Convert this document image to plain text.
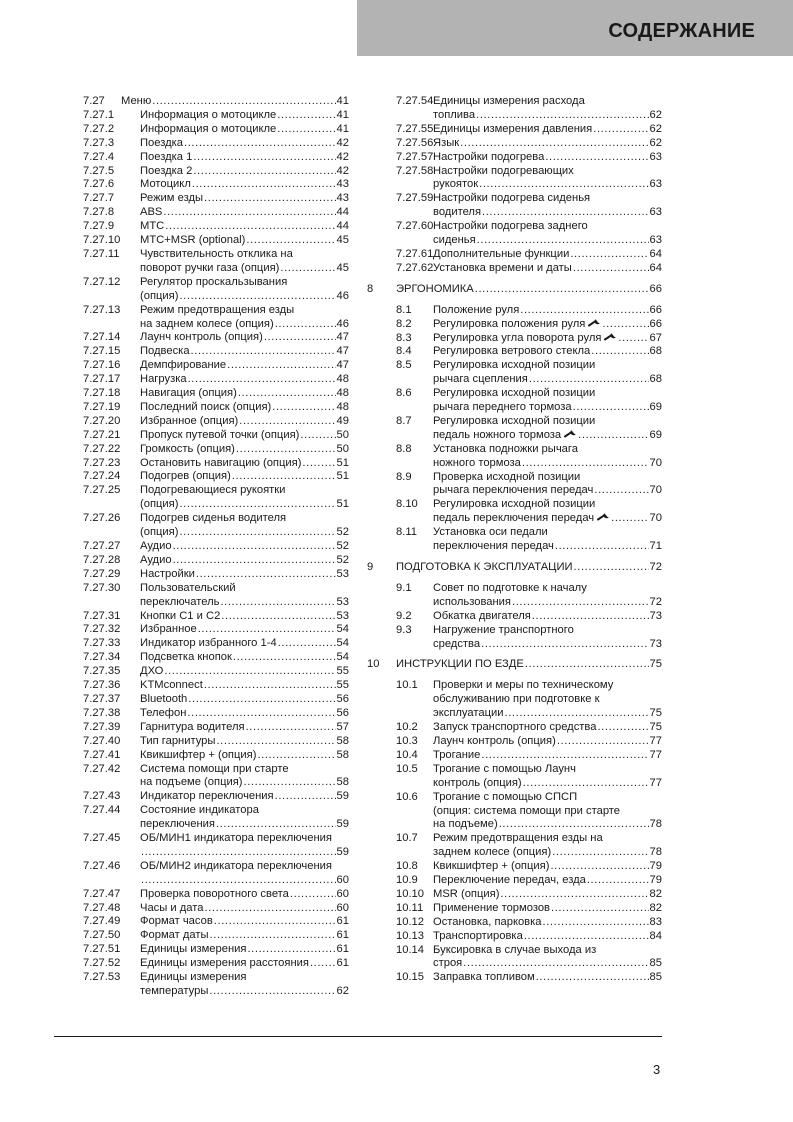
СОДЕРЖАНИЕ
7.27	Меню .....	41
7.27.1	Информация о мотоцикле .....	41
7.27.2	Информация о мотоцикле .....	41
7.27.3	Поездка .....	42
7.27.4	Поездка 1 .....	42
7.27.5	Поездка 2 .....	42
7.27.6	Мотоцикл .....	43
7.27.7	Режим езды .....	43
7.27.8	ABS .....	44
7.27.9	MTC .....	44
7.27.10	MTC+MSR (optional) .....	45
7.27.11	Чувствительность отклика на
поворот ручки газа (опция) .....	45
7.27.12	Регулятор проскальзывания
(опция) .....	46
7.27.13	Режим предотвращения езды
на заднем колесе (опция) .....	46
7.27.14	Лаунч контроль (опция) .....	47
7.27.15	Подвеска .....	47
7.27.16	Демпфирование .....	47
7.27.17	Нагрузка .....	48
7.27.18	Навигация (опция) .....	48
7.27.19	Последний поиск (опция) .....	48
7.27.20	Избранное (опция) .....	49
7.27.21	Пропуск путевой точки (опция) .....	50
7.27.22	Громкость (опция) .....	50
7.27.23	Остановить навигацию (опция) .....	51
7.27.24	Подогрев (опция) .....	51
7.27.25	Подогревающиеся рукоятки
(опция) .....	51
7.27.26	Подогрев сиденья водителя
(опция) .....	52
7.27.27	Аудио .....	52
7.27.28	Аудио .....	52
7.27.29	Настройки .....	53
7.27.30	Пользовательский
переключатель .....	53
7.27.31	Кнопки C1 и C2 .....	53
7.27.32	Избранное .....	54
7.27.33	Индикатор избранного 1-4 .....	54
7.27.34	Подсветка кнопок .....	54
7.27.35	ДХО .....	55
7.27.36	KTMconnect .....	55
7.27.37	Bluetooth .....	56
7.27.38	Телефон .....	56
7.27.39	Гарнитура водителя .....	57
7.27.40	Тип гарнитуры .....	58
7.27.41	Квикшифтер + (опция) .....	58
7.27.42	Система помощи при старте
на подъеме (опция) .....	58
7.27.43	Индикатор переключения .....	59
7.27.44	Состояние индикатора
переключения .....	59
7.27.45	ОБ/МИН1 индикатора переключения
.....
59
7.27.46	ОБ/МИН2 индикатора переключения
.....
60
7.27.47	Проверка поворотного света .....	60
7.27.48	Часы и дата .....	60
7.27.49	Формат часов .....	61
7.27.50	Формат даты .....	61
7.27.51	Единицы измерения .....	61
7.27.52	Единицы измерения расстояния ..... 61
7.27.53	Единицы измерения
температуры .....	62
7.27.54 Единицы измерения расхода
топлива .....	62
7.27.55 Единицы измерения давления .....	62
7.27.56 Язык .....	62
7.27.57 Настройки подогрева .....	63
7.27.58 Настройки подогревающих
рукояток .....	63
7.27.59 Настройки подогрева сиденья
водителя .....	63
7.27.60 Настройки подогрева заднего
сиденья .....	63
7.27.61 Дополнительные функции .....	64
7.27.62 Установка времени и даты .....	64
8	ЭРГОНОМИКА .....	66
8.1	Положение руля .....	66
8.2	Регулировка положения руля .....	66
8.3	Регулировка угла поворота руля .....	67
8.4	Регулировка ветрового стекла .....	68
8.5	Регулировка исходной позиции
рычага сцепления .....	68
8.6	Регулировка исходной позиции
рычага переднего тормоза .....	69
8.7	Регулировка исходной позиции
педаль ножного тормоза .....	69
8.8	Установка подножки рычага
ножного тормоза .....	70
8.9	Проверка исходной позиции
рычага переключения передач .....	70
8.10	Регулировка исходной позиции
педаль переключения передач .....	70
8.11	Установка оси педали
переключения передач .....	71
9	ПОДГОТОВКА К ЭКСПЛУАТАЦИИ .....	72
9.1	Совет по подготовке к началу
использования .....	72
9.2	Обкатка двигателя .....	73
9.3	Нагружение транспортного
средства .....	73
10	ИНСТРУКЦИИ ПО ЕЗДЕ .....	75
10.1	Проверки и меры по техническому
обслуживанию при подготовке к
эксплуатации .....	75
10.2	Запуск транспортного средства .....	75
10.3	Лаунч контроль (опция) .....	77
10.4	Трогание .....	77
10.5	Трогание с помощью Лаунч
контроль (опция) .....	77
10.6	Трогание с помощью СПСП
(опция: система помощи при старте
на подъеме) .....	78
10.7	Режим предотвращения езды на
заднем колесе (опция) .....	78
10.8	Квикшифтер + (опция) .....	79
10.9	Переключение передач, езда .....	79
10.10 MSR (опция) .....	82
10.11 Применение тормозов .....	82
10.12 Остановка, парковка .....	83
10.13 Транспортировка .....	84
10.14 Буксировка в случае выхода из
строя .....	85
10.15 Заправка топливом .....	85
3
